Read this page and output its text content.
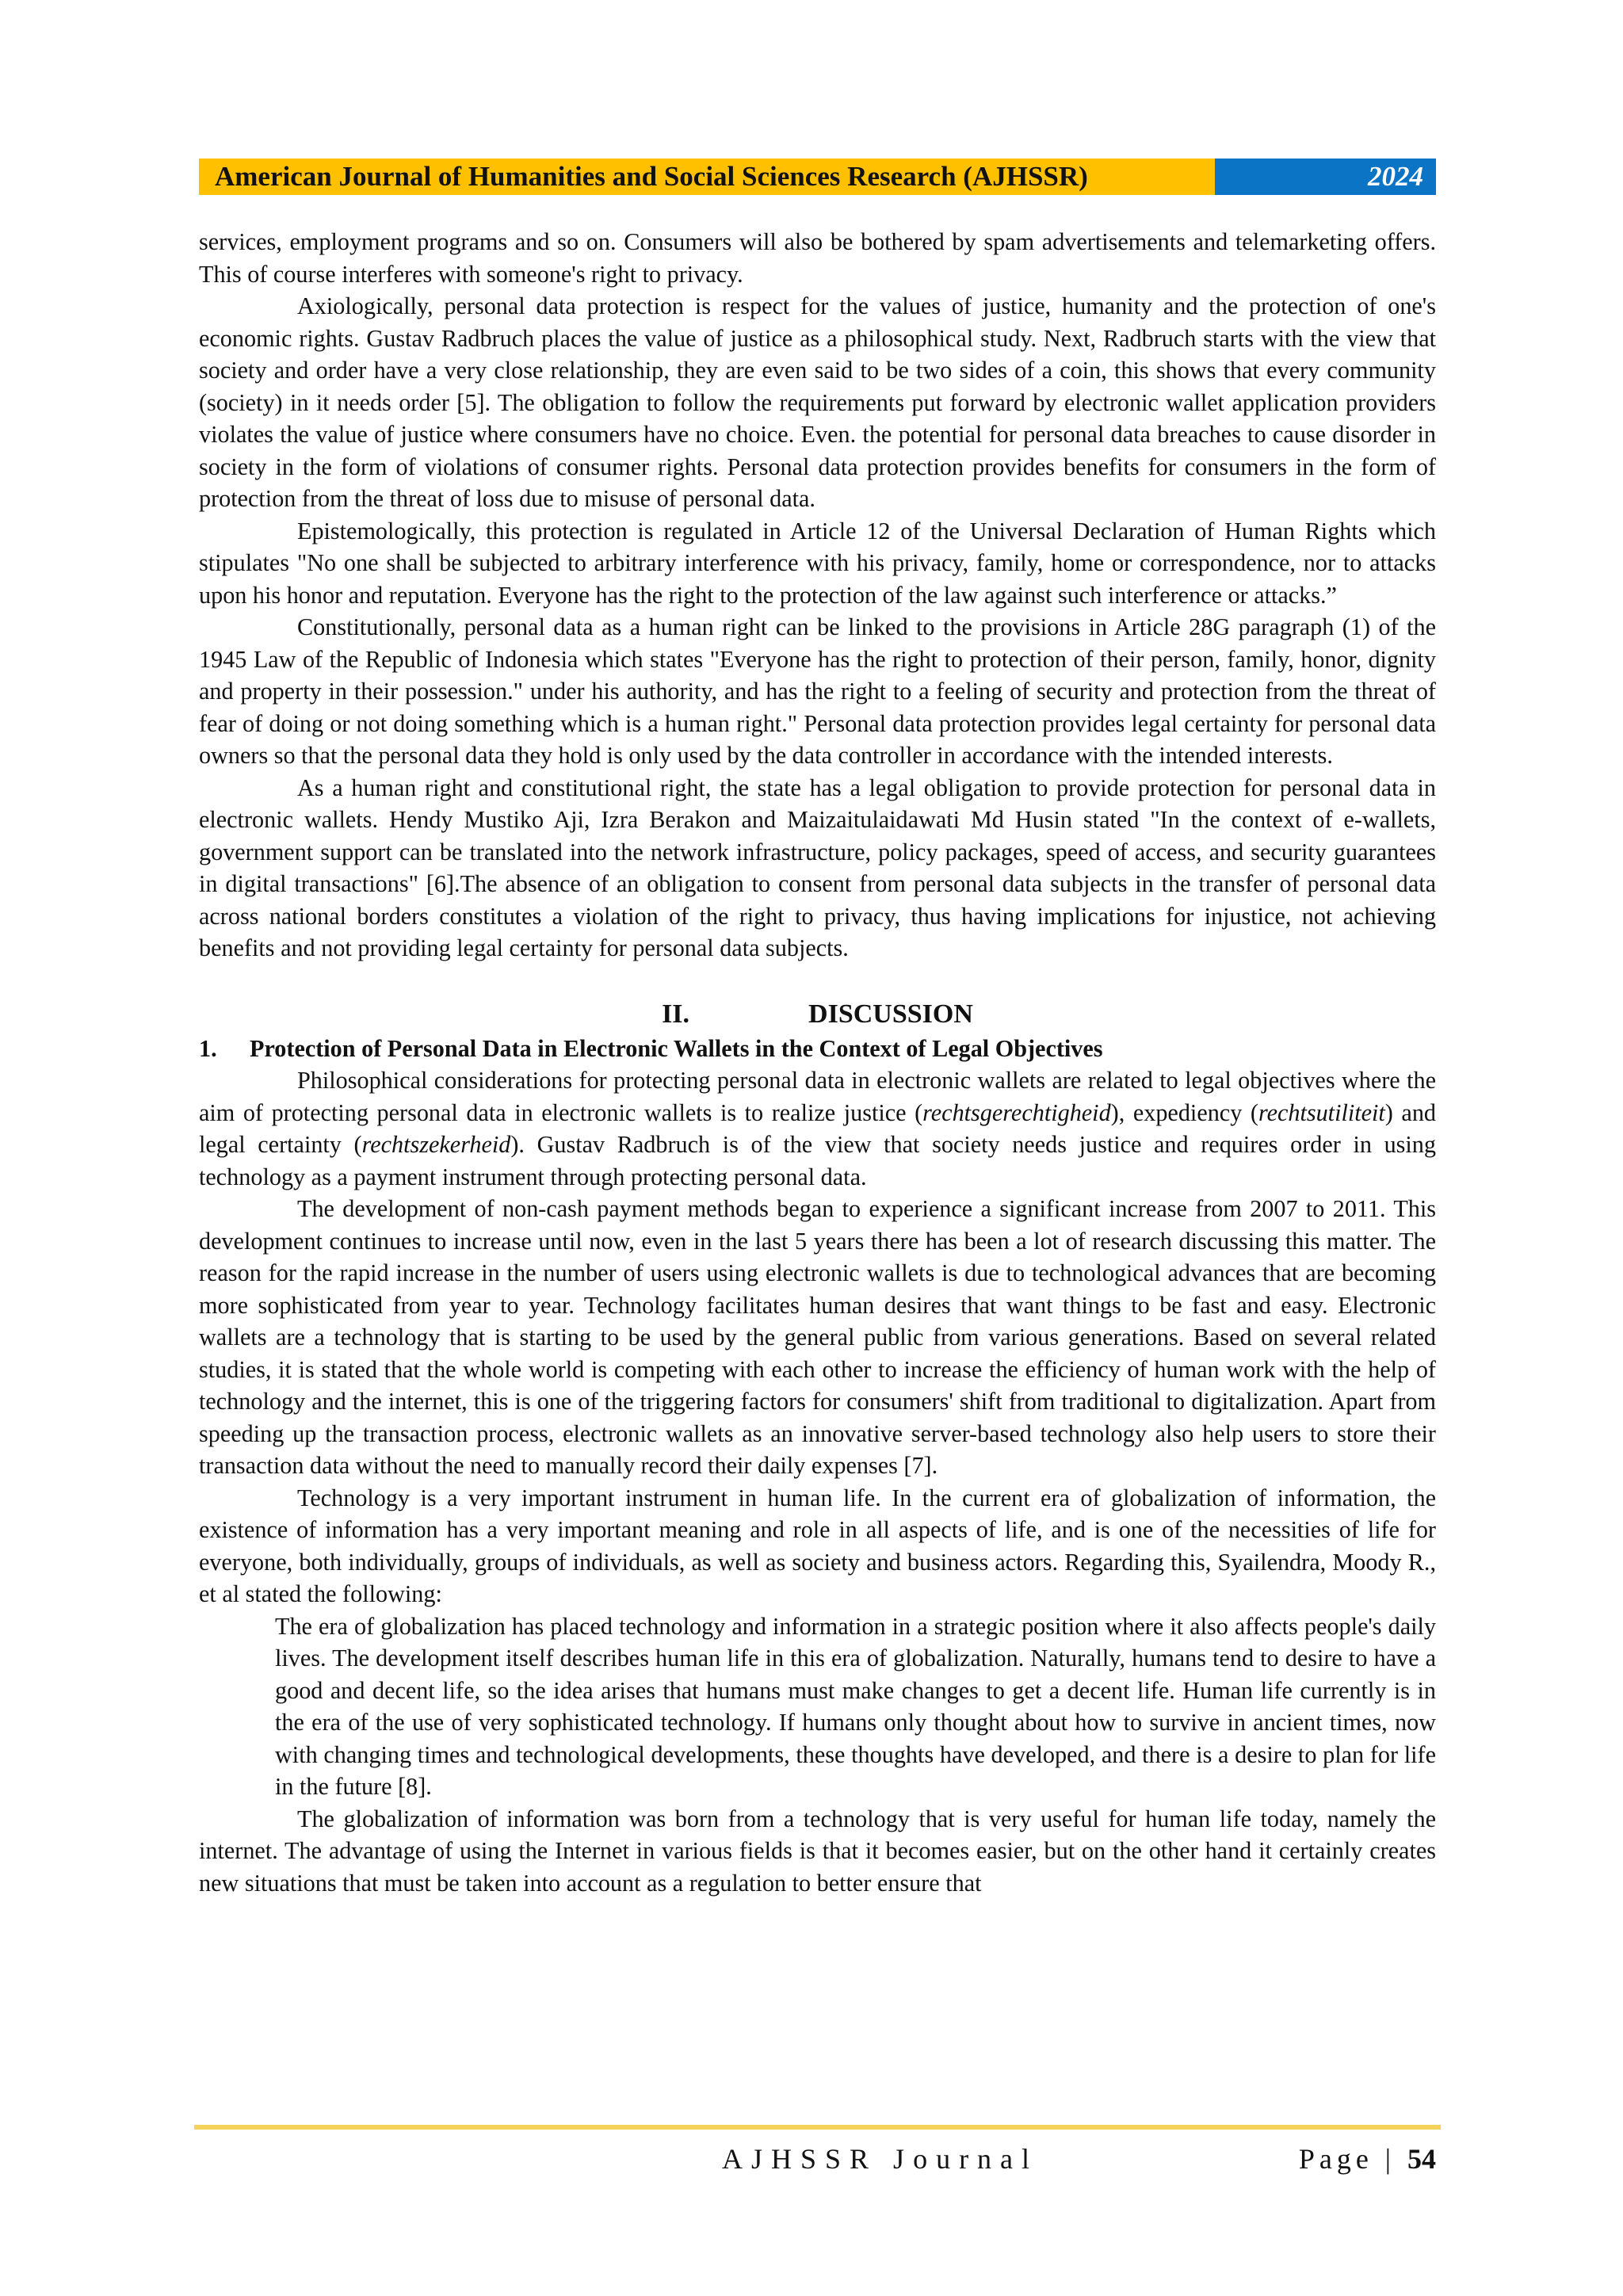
American Journal of Humanities and Social Sciences Research (AJHSSR)	2024

services, employment programs and so on. Consumers will also be bothered by spam advertisements and telemarketing offers. This of course interferes with someone's right to privacy.

Axiologically, personal data protection is respect for the values of justice, humanity and the protection of one's economic rights. Gustav Radbruch places the value of justice as a philosophical study. Next, Radbruch starts with the view that society and order have a very close relationship, they are even said to be two sides of a coin, this shows that every community (society) in it needs order [5]. The obligation to follow the requirements put forward by electronic wallet application providers violates the value of justice where consumers have no choice. Even. the potential for personal data breaches to cause disorder in society in the form of violations of consumer rights. Personal data protection provides benefits for consumers in the form of protection from the threat of loss due to misuse of personal data.

Epistemologically, this protection is regulated in Article 12 of the Universal Declaration of Human Rights which stipulates "No one shall be subjected to arbitrary interference with his privacy, family, home or correspondence, nor to attacks upon his honor and reputation. Everyone has the right to the protection of the law against such interference or attacks.”

Constitutionally, personal data as a human right can be linked to the provisions in Article 28G paragraph (1) of the 1945 Law of the Republic of Indonesia which states "Everyone has the right to protection of their person, family, honor, dignity and property in their possession." under his authority, and has the right to a feeling of security and protection from the threat of fear of doing or not doing something which is a human right." Personal data protection provides legal certainty for personal data owners so that the personal data they hold is only used by the data controller in accordance with the intended interests.

As a human right and constitutional right, the state has a legal obligation to provide protection for personal data in electronic wallets. Hendy Mustiko Aji, Izra Berakon and Maizaitulaidawati Md Husin stated "In the context of e-wallets, government support can be translated into the network infrastructure, policy packages, speed of access, and security guarantees in digital transactions" [6].The absence of an obligation to consent from personal data subjects in the transfer of personal data across national borders constitutes a violation of the right to privacy, thus having implications for injustice, not achieving benefits and not providing legal certainty for personal data subjects.

II.	DISCUSSION

1.	Protection of Personal Data in Electronic Wallets in the Context of Legal Objectives

Philosophical considerations for protecting personal data in electronic wallets are related to legal objectives where the aim of protecting personal data in electronic wallets is to realize justice (rechtsgerechtigheid), expediency (rechtsutiliteit) and legal certainty (rechtszekerheid). Gustav Radbruch is of the view that society needs justice and requires order in using technology as a payment instrument through protecting personal data.

The development of non-cash payment methods began to experience a significant increase from 2007 to 2011. This development continues to increase until now, even in the last 5 years there has been a lot of research discussing this matter. The reason for the rapid increase in the number of users using electronic wallets is due to technological advances that are becoming more sophisticated from year to year. Technology facilitates human desires that want things to be fast and easy. Electronic wallets are a technology that is starting to be used by the general public from various generations. Based on several related studies, it is stated that the whole world is competing with each other to increase the efficiency of human work with the help of technology and the internet, this is one of the triggering factors for consumers' shift from traditional to digitalization. Apart from speeding up the transaction process, electronic wallets as an innovative server-based technology also help users to store their transaction data without the need to manually record their daily expenses [7].

Technology is a very important instrument in human life. In the current era of globalization of information, the existence of information has a very important meaning and role in all aspects of life, and is one of the necessities of life for everyone, both individually, groups of individuals, as well as society and business actors. Regarding this, Syailendra, Moody R., et al stated the following:

The era of globalization has placed technology and information in a strategic position where it also affects people's daily lives. The development itself describes human life in this era of globalization. Naturally, humans tend to desire to have a good and decent life, so the idea arises that humans must make changes to get a decent life. Human life currently is in the era of the use of very sophisticated technology. If humans only thought about how to survive in ancient times, now with changing times and technological developments, these thoughts have developed, and there is a desire to plan for life in the future [8].

The globalization of information was born from a technology that is very useful for human life today, namely the internet. The advantage of using the Internet in various fields is that it becomes easier, but on the other hand it certainly creates new situations that must be taken into account as a regulation to better ensure that

AJHSSR Journal	Page | 54
